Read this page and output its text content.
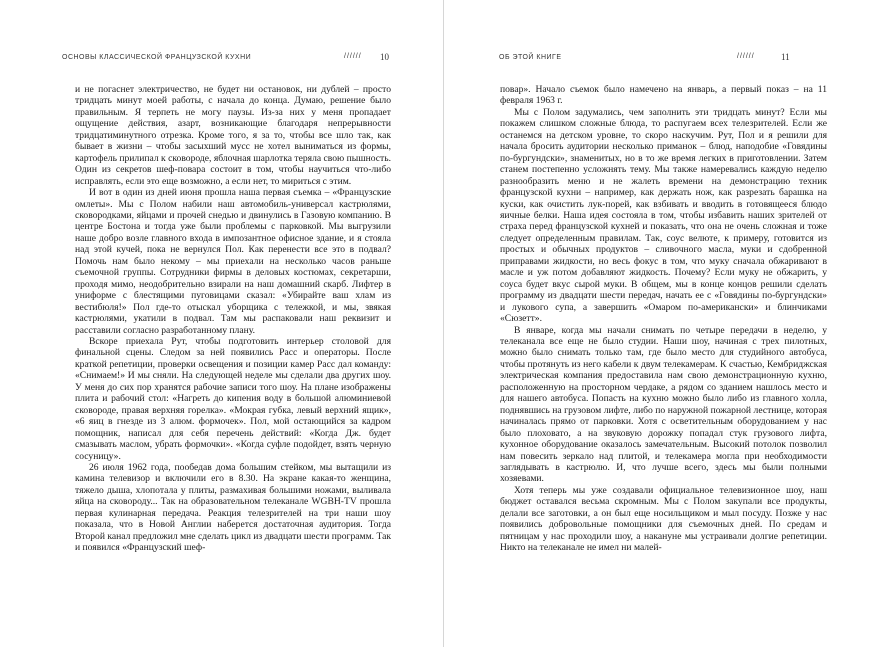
ОСНОВЫ КЛАССИЧЕСКОЙ ФРАНЦУЗСКОЙ КУХНИ	////// 10

и не погаснет электричество, не будет ни остановок, ни дублей – просто тридцать минут моей работы, с начала до конца. Думаю, решение было правильным. Я терпеть не могу паузы. Из-за них у меня пропадает ощущение действия, азарт, возникающие благодаря непрерывности тридцатиминутного отрезка. Кроме того, я за то, чтобы все шло так, как бывает в жизни – чтобы засыхший мусс не хотел выниматься из формы, картофель прилипал к сковороде, яблочная шарлотка теряла свою пышность. Один из секретов шеф-повара состоит в том, чтобы научиться что-либо исправлять, если это еще возможно, а если нет, то мириться с этим.

И вот в один из дней июня прошла наша первая съемка – «Французские омлеты». Мы с Полом набили наш автомобиль-универсал кастрюлями, сковородками, яйцами и прочей снедью и двинулись в Газовую компанию. В центре Бостона и тогда уже были проблемы с парковкой. Мы выгрузили наше добро возле главного входа в импозантное офисное здание, и я стояла над этой кучей, пока не вернулся Пол. Как перенести все это в подвал? Помочь нам было некому – мы приехали на несколько часов раньше съемочной группы. Сотрудники фирмы в деловых костюмах, секретарши, проходя мимо, неодобрительно взирали на наш домашний скарб. Лифтер в униформе с блестящими пуговицами сказал: «Убирайте ваш хлам из вестибюля!» Пол где-то отыскал уборщика с тележкой, и мы, звякая кастрюлями, укатили в подвал. Там мы распаковали наш реквизит и расставили согласно разработанному плану.

Вскоре приехала Рут, чтобы подготовить интерьер столовой для финальной сцены. Следом за ней появились Расс и операторы. После краткой репетиции, проверки освещения и позиции камер Расс дал команду: «Снимаем!» И мы сняли. На следующей неделе мы сделали два других шоу. У меня до сих пор хранятся рабочие записи того шоу. На плане изображены плита и рабочий стол: «Нагреть до кипения воду в большой алюминиевой сковороде, правая верхняя горелка». «Мокрая губка, левый верхний ящик», «6 яиц в гнезде из 3 алюм. формочек». Пол, мой остающийся за кадром помощник, написал для себя перечень действий: «Когда Дж. будет смазывать маслом, убрать формочки». «Когда суфле подойдет, взять черную сосуницу».

26 июля 1962 года, пообедав дома большим стейком, мы вытащили из камина телевизор и включили его в 8.30. На экране какая-то женщина, тяжело дыша, хлопотала у плиты, размахивая большими ножами, выливала яйца на сковороду... Так на образовательном телеканале WGBH-TV прошла первая кулинарная передача. Реакция телезрителей на три наши шоу показала, что в Новой Англии наберется достаточная аудитория. Тогда Второй канал предложил мне сделать цикл из двадцати шести программ. Так и появился «Французский шеф-

ОБ ЭТОЙ КНИГЕ	//////	11

повар». Начало съемок было намечено на январь, а первый показ – на 11 февраля 1963 г.

Мы с Полом задумались, чем заполнить эти тридцать минут? Если мы покажем слишком сложные блюда, то распугаем всех телезрителей. Если же останемся на детском уровне, то скоро наскучим. Рут, Пол и я решили для начала бросить аудитории несколько приманок – блюд, наподобие «Говядины по-бургундски», знаменитых, но в то же время легких в приготовлении. Затем станем постепенно усложнять тему. Мы также намеревались каждую неделю разнообразить меню и не жалеть времени на демонстрацию техник французской кухни – например, как держать нож, как разрезать барашка на куски, как очистить лук-порей, как взбивать и вводить в готовящееся блюдо яичные белки. Наша идея состояла в том, чтобы избавить наших зрителей от страха перед французской кухней и показать, что она не очень сложная и тоже следует определенным правилам. Так, соус велюте, к примеру, готовится из простых и обычных продуктов – сливочного масла, муки и сдобренной приправами жидкости, но весь фокус в том, что муку сначала обжаривают в масле и уж потом добавляют жидкость. Почему? Если муку не обжарить, у соуса будет вкус сырой муки. В общем, мы в конце концов решили сделать программу из двадцати шести передач, начать ее с «Говядины по-бургундски» и лукового супа, а завершить «Омаром по-американски» и блинчиками «Сюзетт».

В январе, когда мы начали снимать по четыре передачи в неделю, у телеканала все еще не было студии. Наши шоу, начиная с трех пилотных, можно было снимать только там, где было место для студийного автобуса, чтобы протянуть из него кабели к двум телекамерам. К счастью, Кембриджская электрическая компания предоставила нам свою демонстрационную кухню, расположенную на просторном чердаке, а рядом со зданием нашлось место и для нашего автобуса. Попасть на кухню можно было либо из главного холла, поднявшись на грузовом лифте, либо по наружной пожарной лестнице, которая начиналась прямо от парковки. Хотя с осветительным оборудованием у нас было плоховато, а на звуковую дорожку попадал стук грузового лифта, кухонное оборудование оказалось замечательным. Высокий потолок позволил нам повесить зеркало над плитой, и телекамера могла при необходимости заглядывать в кастрюлю. И, что лучше всего, здесь мы были полными хозяевами.

Хотя теперь мы уже создавали официальное телевизионное шоу, наш бюджет оставался весьма скромным. Мы с Полом закупали все продукты, делали все заготовки, а он был еще носильщиком и мыл посуду. Позже у нас появились добровольные помощники для съемочных дней. По средам и пятницам у нас проходили шоу, а накануне мы устраивали долгие репетиции. Никто на телеканале не имел ни малей-
